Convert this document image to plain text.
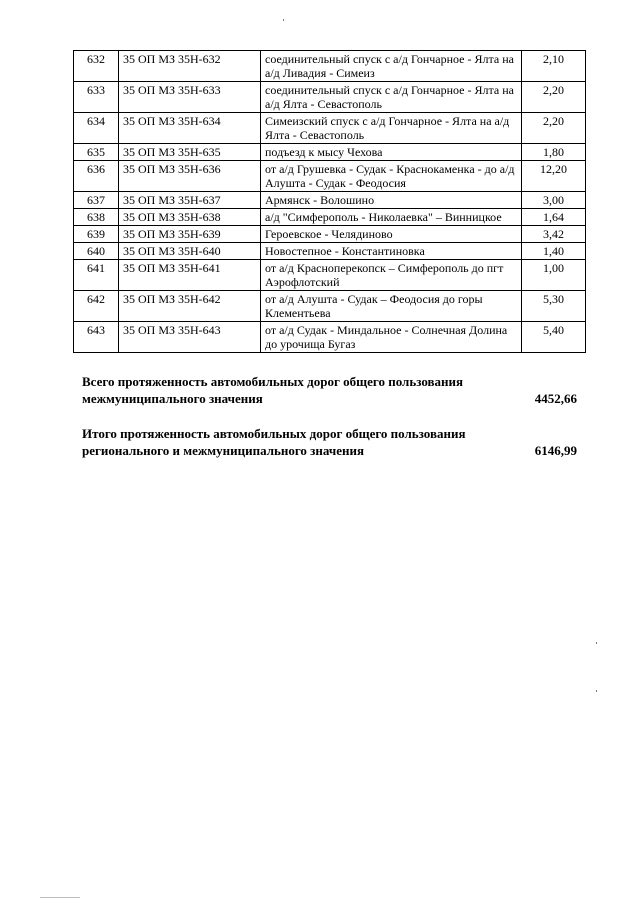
632	35 ОП МЗ 35Н-632	соединительный спуск с а/д Гончарное - Ялта на а/д Ливадия - Симеиз	2,10
633	35 ОП МЗ 35Н-633	соединительный спуск с а/д Гончарное - Ялта на а/д Ялта - Севастополь	2,20
634	35 ОП МЗ 35Н-634	Симеизский спуск с а/д Гончарное - Ялта на а/д Ялта - Севастополь	2,20
635	35 ОП МЗ 35Н-635	подъезд к мысу Чехова	1,80
636	35 ОП МЗ 35Н-636	от а/д Грушевка - Судак - Краснокаменка - до а/д Алушта - Судак - Феодосия	12,20
637	35 ОП МЗ 35Н-637	Армянск - Волошино	3,00
638	35 ОП МЗ 35Н-638	а/д "Симферополь - Николаевка" – Винницкое	1,64
639	35 ОП МЗ 35Н-639	Героевское - Челядиново	3,42
640	35 ОП МЗ 35Н-640	Новостепное - Константиновка	1,40
641	35 ОП МЗ 35Н-641	от а/д Красноперекопск – Симферополь до пгт Аэрофлотский	1,00
642	35 ОП МЗ 35Н-642	от а/д Алушта - Судак – Феодосия до горы Клементьева	5,30
643	35 ОП МЗ 35Н-643	от а/д Судак - Миндальное - Солнечная Долина до урочища Бугаз	5,40
Всего протяженность автомобильных дорог общего пользования межмуниципального значения	4452,66
Итого протяженность автомобильных дорог общего пользования регионального и межмуниципального значения	6146,99
